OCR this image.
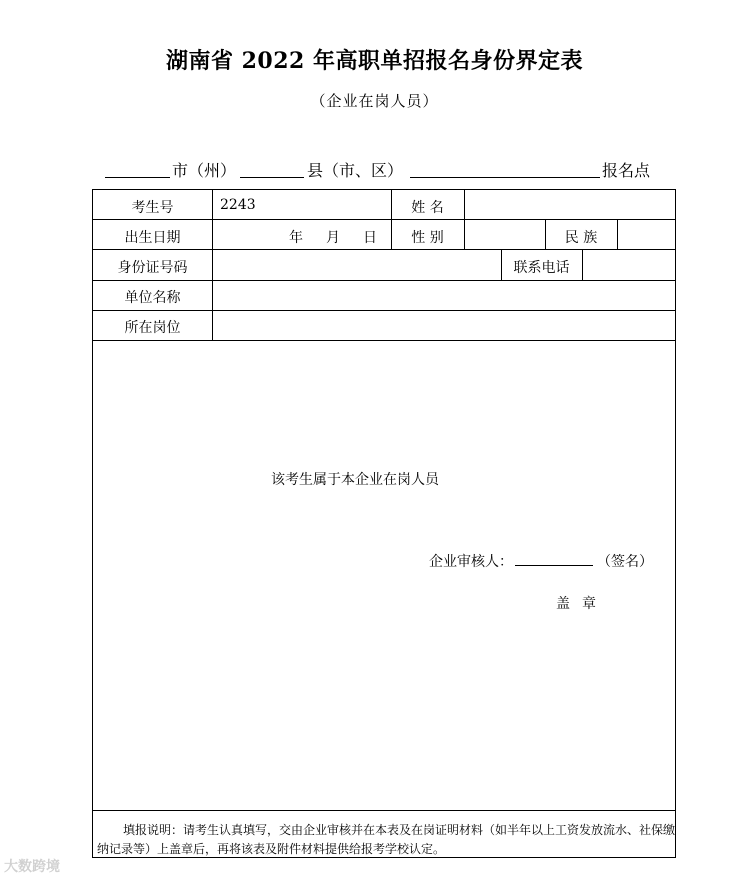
湖南省 2022 年高职单招报名身份界定表
（企业在岗人员）
市（州）	县（市、区）	报名点
考生号	2243	姓 名
出生日期	年 月 日	性 别	民 族
身份证号码	联系电话
单位名称
所在岗位
该考生属于本企业在岗人员
企业审核人：	（签名）
盖章
填报说明：请考生认真填写，交由企业审核并在本表及在岗证明材料（如半年以上工资发放流水、社保缴纳记录等）上盖章后，再将该表及附件材料提供给报考学校认定。
大数跨境
